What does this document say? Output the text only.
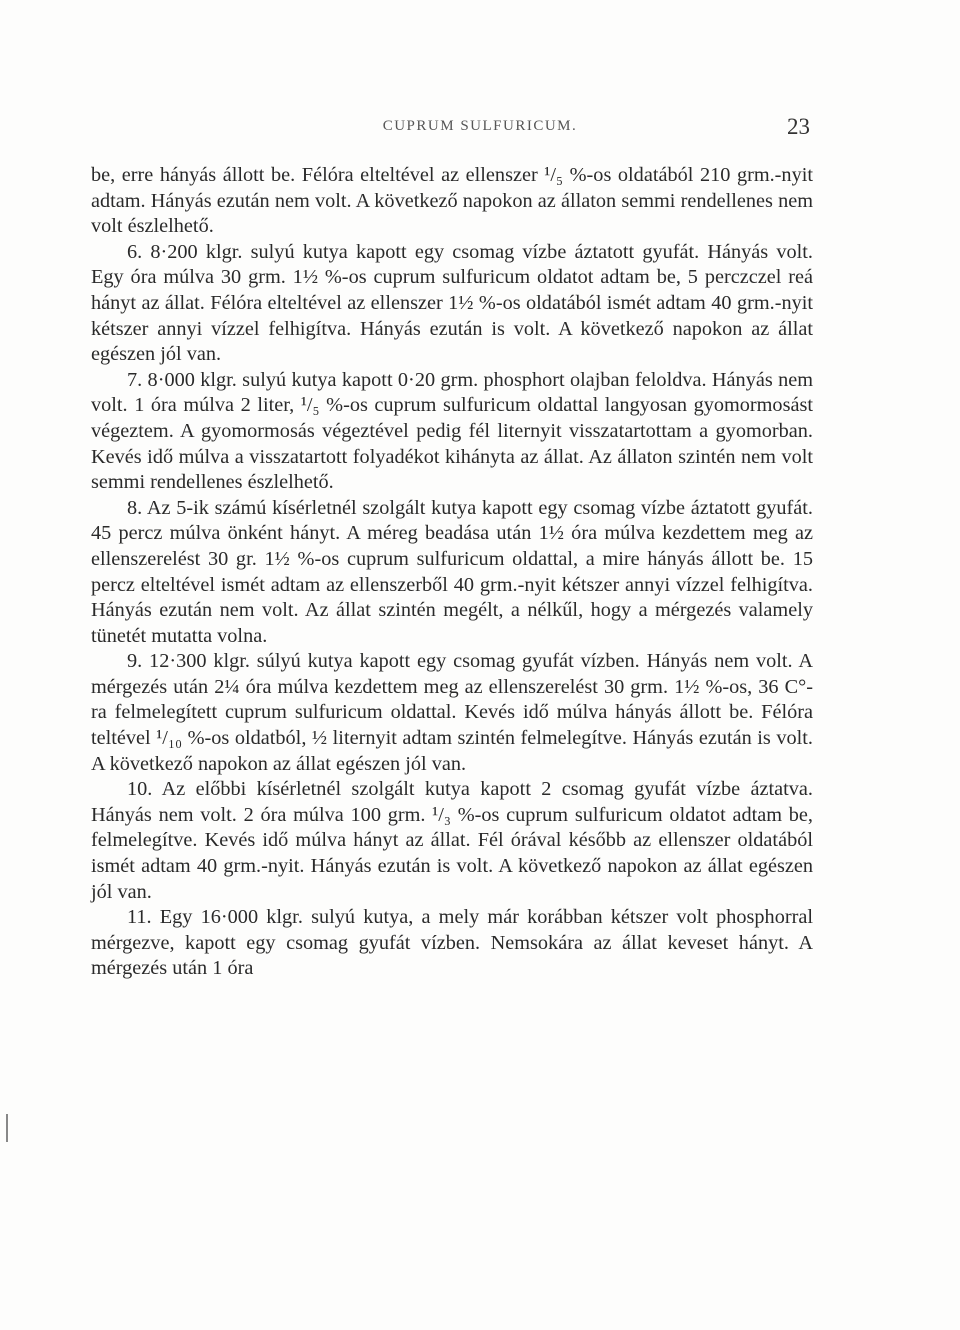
CUPRUM SULFURICUM.	23

be, erre hányás állott be. Félóra elteltével az ellenszer ¹/₅ %-os oldatából 210 grm.-nyit adtam. Hányás ezután nem volt. A következő napokon az állaton semmi rendellenes nem volt észlelhető.

6. 8·200 klgr. sulyú kutya kapott egy csomag vízbe áztatott gyufát. Hányás volt. Egy óra múlva 30 grm. 1½ %-os cuprum sulfuricum oldatot adtam be, 5 perczczel reá hányt az állat. Félóra elteltével az ellenszer 1½ %-os oldatából ismét adtam 40 grm.-nyit kétszer annyi vízzel felhigítva. Hányás ezután is volt. A következő napokon az állat egészen jól van.

7. 8·000 klgr. sulyú kutya kapott 0·20 grm. phosphort olajban feloldva. Hányás nem volt. 1 óra múlva 2 liter, ¹/₅ %-os cuprum sulfuricum oldattal langyosan gyomormosást végeztem. A gyomormosás végeztével pedig fél liternyit visszatartottam a gyomorban. Kevés idő múlva a visszatartott folyadékot kihányta az állat. Az állaton szintén nem volt semmi rendellenes észlelhető.

8. Az 5-ik számú kísérletnél szolgált kutya kapott egy csomag vízbe áztatott gyufát. 45 percz múlva önként hányt. A méreg beadása után 1½ óra múlva kezdettem meg az ellenszerelést 30 gr. 1½ %-os cuprum sulfuricum oldattal, a mire hányás állott be. 15 percz elteltével ismét adtam az ellenszerből 40 grm.-nyit kétszer annyi vízzel felhigítva. Hányás ezután nem volt. Az állat szintén megélt, a nélkűl, hogy a mérgezés valamely tünetét mutatta volna.

9. 12·300 klgr. súlyú kutya kapott egy csomag gyufát vízben. Hányás nem volt. A mérgezés után 2¼ óra múlva kezdettem meg az ellenszerelést 30 grm. 1½ %-os, 36 C°-ra felmelegített cuprum sulfuricum oldattal. Kevés idő múlva hányás állott be. Félóra teltével ¹/₁₀ %-os oldatból, ½ liternyit adtam szintén felmelegítve. Hányás ezután is volt. A következő napokon az állat egészen jól van.

10. Az előbbi kísérletnél szolgált kutya kapott 2 csomag gyufát vízbe áztatva. Hányás nem volt. 2 óra múlva 100 grm. ¹/₃ %-os cuprum sulfuricum oldatot adtam be, felmelegítve. Kevés idő múlva hányt az állat. Fél órával később az ellenszer oldatából ismét adtam 40 grm.-nyit. Hányás ezután is volt. A következő napokon az állat egészen jól van.

11. Egy 16·000 klgr. sulyú kutya, a mely már korábban kétszer volt phosphorral mérgezve, kapott egy csomag gyufát vízben. Nemsokára az állat keveset hányt. A mérgezés után 1 óra
